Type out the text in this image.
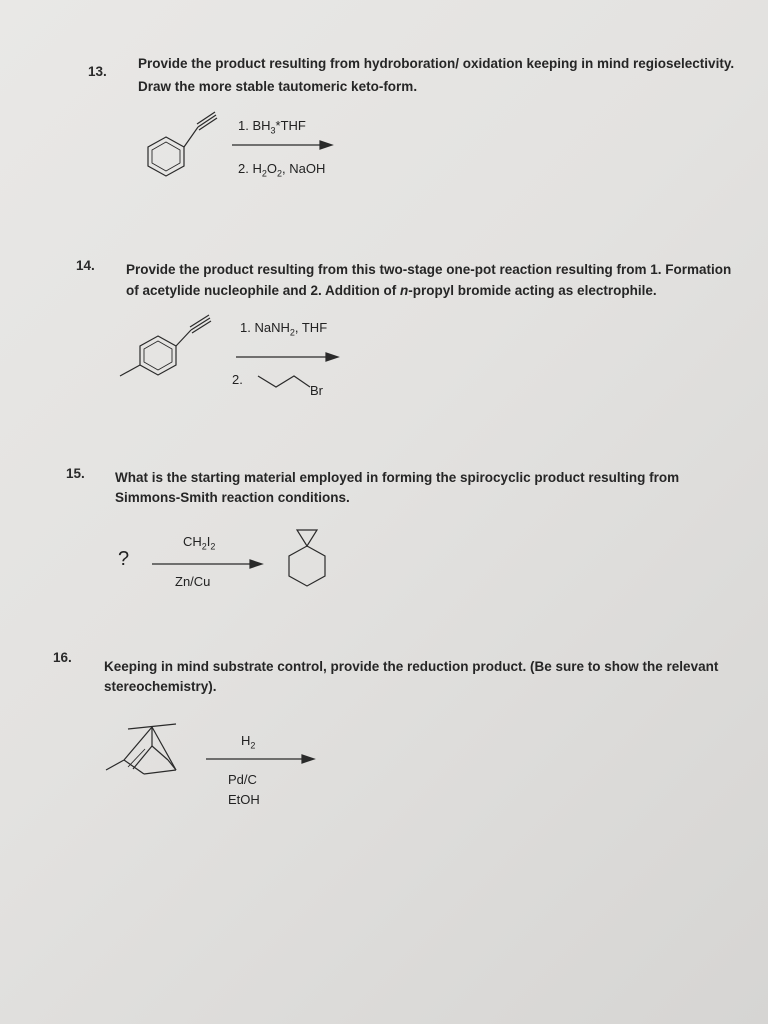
13.
Provide the product resulting from hydroboration/ oxidation keeping in mind regioselectivity.
Draw the more stable tautomeric keto-form.
1. $BH_3*THF$
2. $H_2O_2$, NaOH
14. Provide the product resulting from this two-stage one-pot reaction resulting from 1. Formation
of acetylide nucleophile and 2. Addition of n-propyl bromide acting as electrophile.
1. NaNH$_2$, THF
2.
Br
15. What is the starting material employed in forming the spirocyclic product resulting from
Simmons-Smith reaction conditions.
?
$CH_2I_2$
Zn/Cu
16.
Keeping in mind substrate control, provide the reduction product. (Be sure to show the relevant
stereochemistry).
$H_2$
Pd/C
EtOH
